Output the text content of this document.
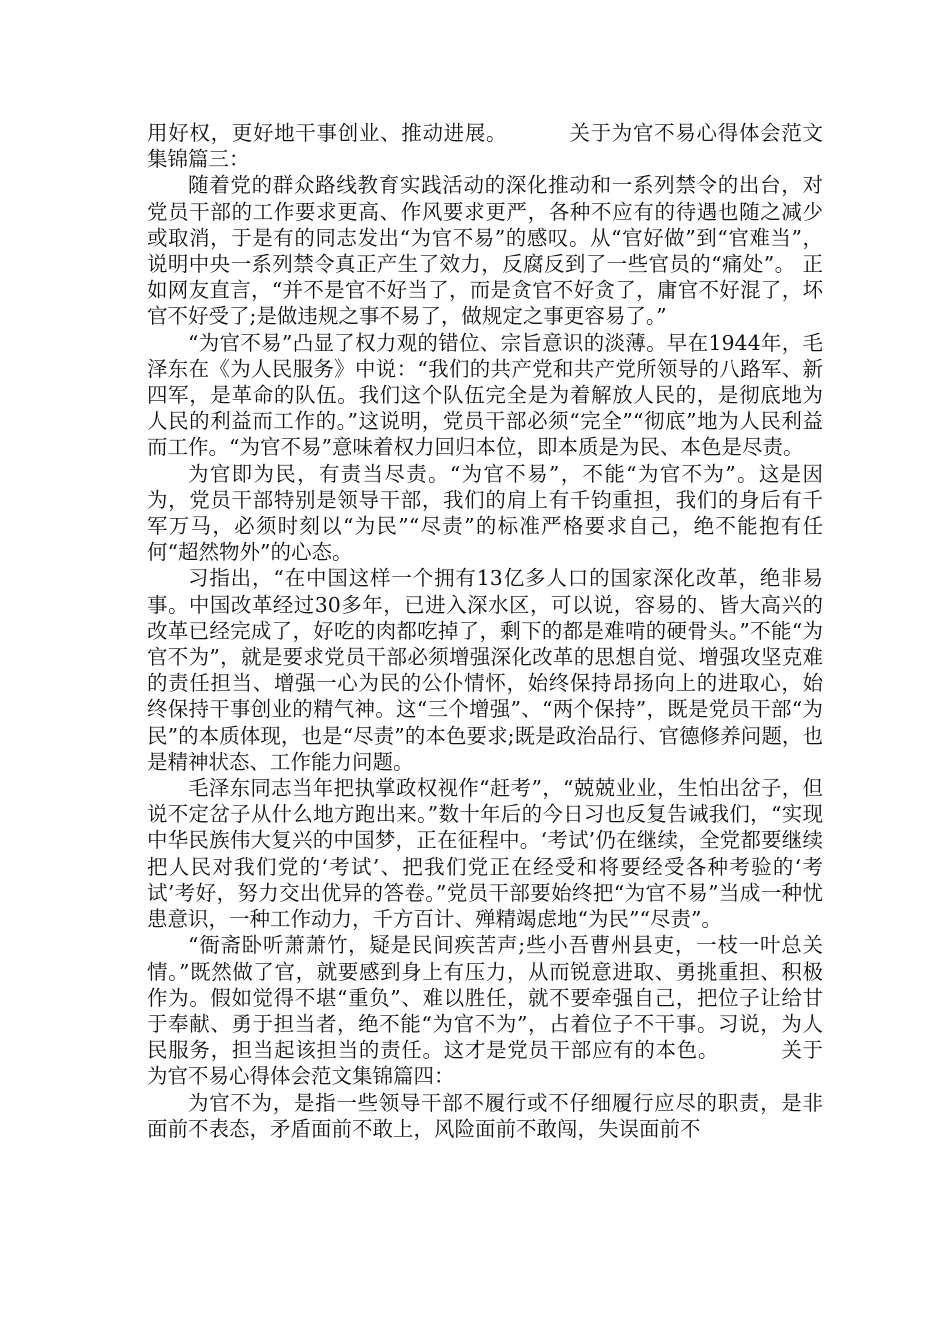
用好权，更好地干事创业、推动进展。	关于为官不易心得体会范文集锦篇三：

随着党的群众路线教育实践活动的深化推动和一系列禁令的出台，对党员干部的工作要求更高、作风要求更严，各种不应有的待遇也随之减少或取消，于是有的同志发出“为官不易”的感叹。从“官好做”到“官难当”，说明中央一系列禁令真正产生了效力，反腐反到了一些官员的“痛处”。 正如网友直言，“并不是官不好当了，而是贪官不好贪了，庸官不好混了，坏官不好受了;是做违规之事不易了，做规定之事更容易了。”

“为官不易”凸显了权力观的错位、宗旨意识的淡薄。早在1944年，毛泽东在《为人民服务》中说：“我们的共产党和共产党所领导的八路军、新四军，是革命的队伍。我们这个队伍完全是为着解放人民的，是彻底地为人民的利益而工作的。”这说明，党员干部必须“完全”“彻底”地为人民利益而工作。“为官不易”意味着权力回归本位，即本质是为民、本色是尽责。

为官即为民，有责当尽责。“为官不易”，不能“为官不为”。这是因为，党员干部特别是领导干部，我们的肩上有千钧重担，我们的身后有千军万马，必须时刻以“为民”“尽责”的标准严格要求自己，绝不能抱有任何“超然物外”的心态。

习指出，“在中国这样一个拥有13亿多人口的国家深化改革，绝非易事。中国改革经过30多年，已进入深水区，可以说，容易的、皆大高兴的改革已经完成了，好吃的肉都吃掉了，剩下的都是难啃的硬骨头。”不能“为官不为”，就是要求党员干部必须增强深化改革的思想自觉、增强攻坚克难的责任担当、增强一心为民的公仆情怀，始终保持昂扬向上的进取心，始终保持干事创业的精气神。这“三个增强”、“两个保持”，既是党员干部“为民”的本质体现，也是“尽责”的本色要求;既是政治品行、官德修养问题，也是精神状态、工作能力问题。

毛泽东同志当年把执掌政权视作“赶考”，“兢兢业业，生怕出岔子，但说不定岔子从什么地方跑出来。”数十年后的今日习也反复告诫我们，“实现中华民族伟大复兴的中国梦，正在征程中。‘考试’仍在继续，全党都要继续把人民对我们党的‘考试’、把我们党正在经受和将要经受各种考验的‘考试’考好，努力交出优异的答卷。”党员干部要始终把“为官不易”当成一种忧患意识，一种工作动力，千方百计、殚精竭虑地“为民”“尽责”。

“衙斋卧听萧萧竹，疑是民间疾苦声;些小吾曹州县吏，一枝一叶总关情。”既然做了官，就要感到身上有压力，从而锐意进取、勇挑重担、积极作为。假如觉得不堪“重负”、难以胜任，就不要牵强自己，把位子让给甘于奉献、勇于担当者，绝不能“为官不为”，占着位子不干事。习说，为人民服务，担当起该担当的责任。这才是党员干部应有的本色。	关于为官不易心得体会范文集锦篇四：

为官不为，是指一些领导干部不履行或不仔细履行应尽的职责，是非面前不表态，矛盾面前不敢上，风险面前不敢闯，失误面前不
